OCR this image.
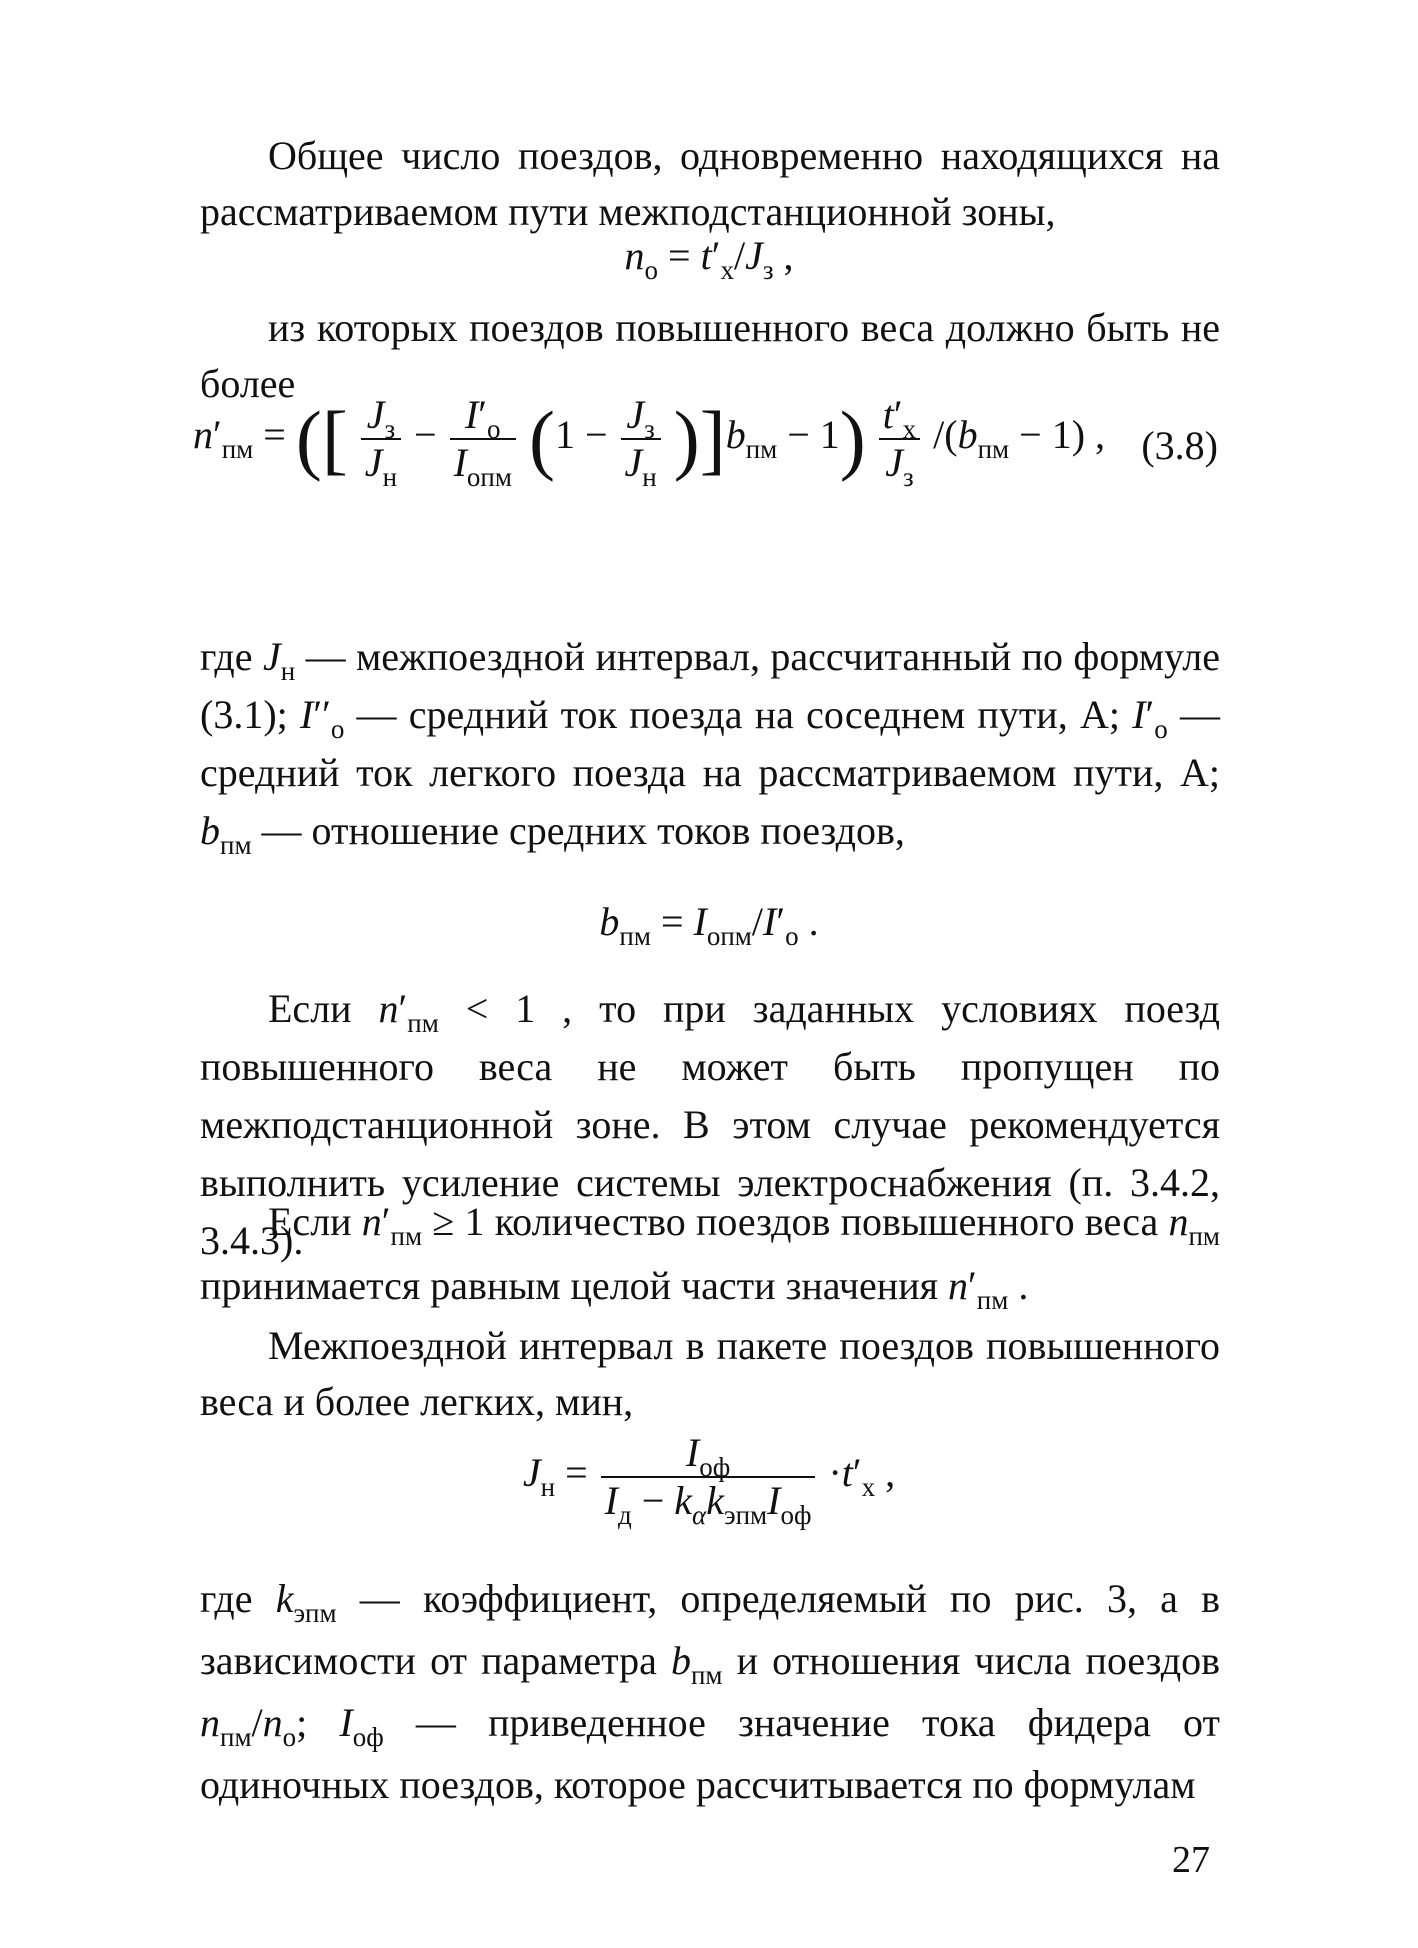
Общее число поездов, одновременно находящихся на рассматриваемом пути межподстанционной зоны,
$n_о = t'_х/J_з$ ,
из которых поездов повышенного веса должно быть не более
$n'_{пм}$ = ([ $\frac{J_з}{J_н} - \frac{I'_о}{I_{опм}} (1 - \frac{J_з}{J_н} )]b_{пм} - 1) \frac{t'_х}{J_з} /(b_{пм} - 1)$ , (3.8)
где $J_н$ — межпоездной интервал, рассчитанный по формуле (3.1); $I''_о$ — средний ток поезда на соседнем пути, А; $I'_о$ — средний ток легкого поезда на рассматриваемом пути, А; $b_{пм}$ — отношение средних токов поездов,
$b_{пм} = I_{опм}/I'_о$ .
Если $n'_{пм} < 1$ , то при заданных условиях поезд повышенного веса не может быть пропущен по межподстанционной зоне. В этом случае рекомендуется выполнить усиление системы электроснабжения (п. 3.4.2, 3.4.3).
Если $n'_{пм} \ge 1$ количество поездов повышенного веса $n_{пм}$ принимается равным целой части значения $n'_{пм}$ .
Межпоездной интервал в пакете поездов повышенного веса и более легких, мин,
$J_н = \frac{I_{оф}}{I_д - k_\alpha k_{эпм}I_{оф}} \cdot t'_х$ ,
где $k_{эпм}$ — коэффициент, определяемый по рис. 3, а в зависимости от параметра $b_{пм}$ и отношения числа поездов $n_{пм}/n_о$; $I_{оф}$ — приведенное значение тока фидера от одиночных поездов, которое рассчитывается по формулам
27
